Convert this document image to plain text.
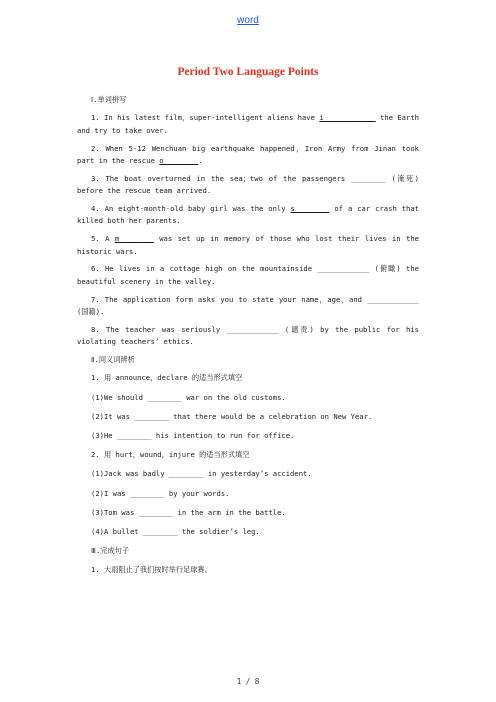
word
Period Two Language Points

Ⅰ.单词拼写

1. In his latest film，super-intelligent aliens have i____________ the Earth and try to take over.

2. When 5·12 Wenchuan big earthquake happened，Iron Army from Jinan took part in the rescue o________.

3. The boat overturned in the sea；two of the passengers ________ (淹死) before the rescue team arrived.

4. An eight-month-old baby girl was the only s________ of a car crash that killed both her parents.

5. A m________ was set up in memory of those who lost their lives in the historic wars.

6. He lives in a cottage high on the mountainside ____________ (俯瞰) the beautiful scenery in the valley.

7. The application form asks you to state your name，age，and ____________ (国籍).

8. The teacher was seriously ____________ (谴责) by the public for his violating teachers’ ethics.

Ⅱ.同义词辨析

1. 用 announce，declare 的适当形式填空

(1)We should ________ war on the old customs.

(2)It was ________ that there would be a celebration on New Year.

(3)He ________ his intention to run for office.

2. 用 hurt，wound，injure 的适当形式填空

(1)Jack was badly ________ in yesterday’s accident.

(2)I was ________ by your words.

(3)Tom was ________ in the arm in the battle.

(4)A bullet ________ the soldier’s leg.

Ⅲ.完成句子

1. 大雨阻止了我们按时举行足球赛。

1 / 8
